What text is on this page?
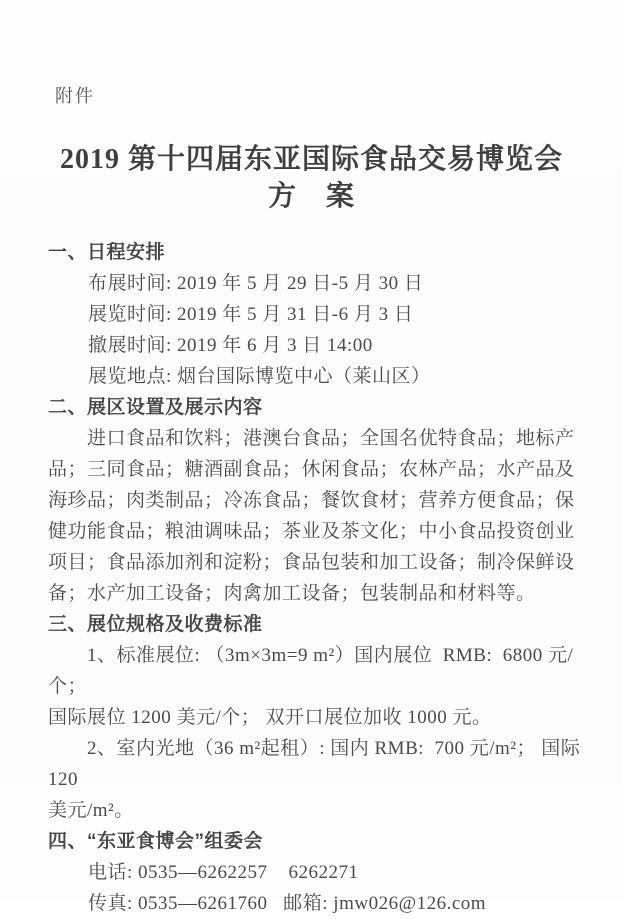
附件
2019 第十四届东亚国际食品交易博览会
方　案
一、日程安排
布展时间: 2019 年 5 月 29 日-5 月 30 日
展览时间: 2019 年 5 月 31 日-6 月 3 日
撤展时间: 2019 年 6 月 3 日 14:00
展览地点: 烟台国际博览中心（莱山区）
二、展区设置及展示内容
进口食品和饮料；港澳台食品；全国名优特食品；地标产
品；三同食品；糖酒副食品；休闲食品；农林产品；水产品及
海珍品；肉类制品；冷冻食品；餐饮食材；营养方便食品；保
健功能食品；粮油调味品；茶业及茶文化；中小食品投资创业
项目；食品添加剂和淀粉；食品包装和加工设备；制冷保鲜设
备；水产加工设备；肉禽加工设备；包装制品和材料等。
三、展位规格及收费标准
1、标准展位: （3m×3m=9 m²）国内展位  RMB:  6800 元/个；
国际展位 1200 美元/个； 双开口展位加收 1000 元。
2、室内光地（36 m²起租）: 国内 RMB:  700 元/m²； 国际 120
美元/m²。
四、“东亚食博会”组委会
电话: 0535—6262257    6262271
传真: 0535—6261760   邮箱: jmw026@126.com
